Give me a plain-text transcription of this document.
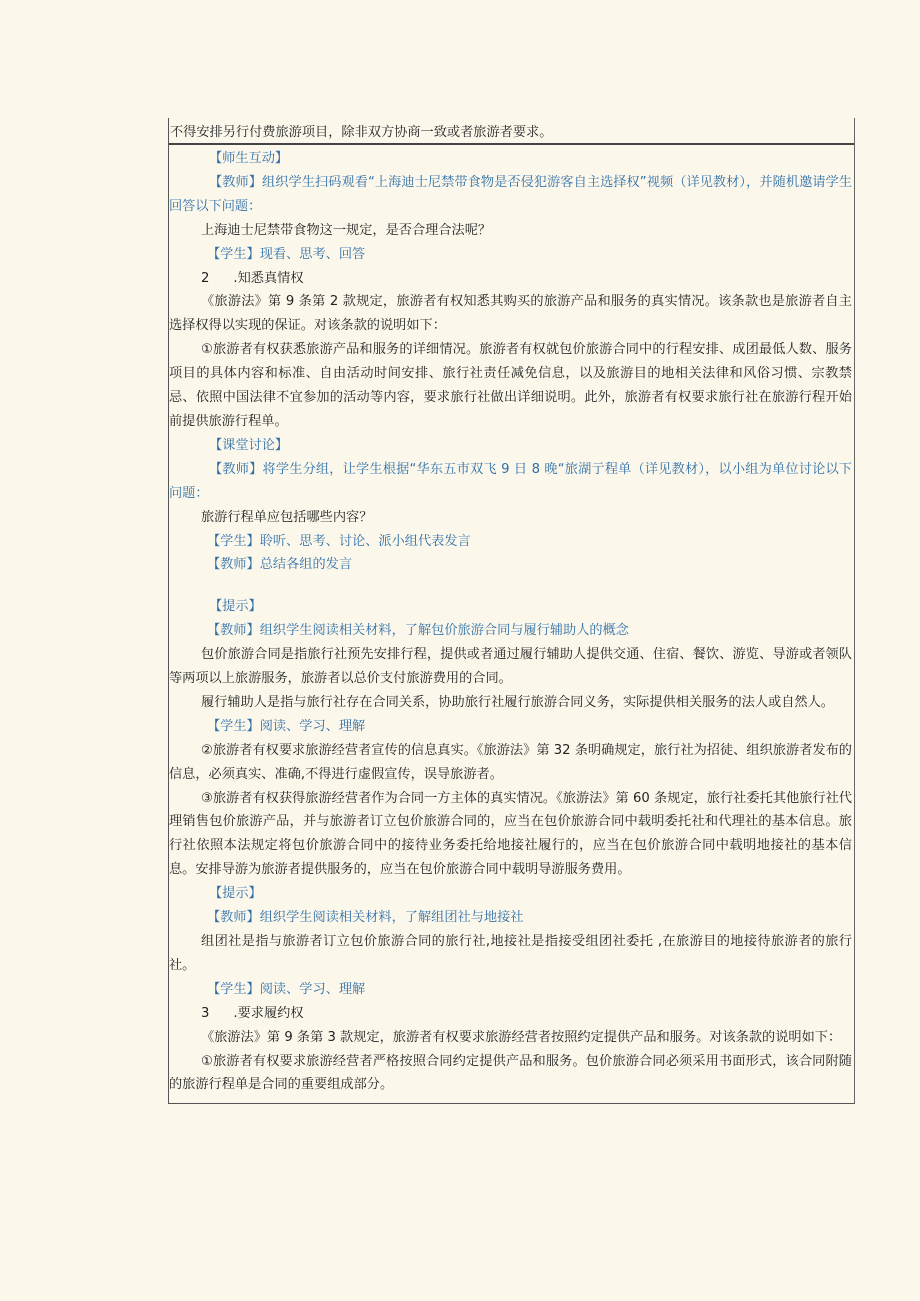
不得安排另行付费旅游项目，除非双方协商一致或者旅游者要求。

【师生互动】

【教师】组织学生扫码观看“上海迪士尼禁带食物是否侵犯游客自主选择权”视频（详见教材），并随机邀请学生回答以下问题：

上海迪士尼禁带食物这一规定，是否合理合法呢？

【学生】现看、思考、回答

2 .知悉真情权

《旅游法》第 9 条第 2 款规定，旅游者有权知悉其购买的旅游产品和服务的真实情况。该条款也是旅游者自主选择权得以实现的保证。对该条款的说明如下：

①旅游者有权获悉旅游产品和服务的详细情况。旅游者有权就包价旅游合同中的行程安排、成团最低人数、服务项目的具体内容和标准、自由活动时间安排、旅行社责任减免信息，以及旅游目的地相关法律和风俗习惯、宗教禁忌、依照中国法律不宜参加的活动等内容，要求旅行社做出详细说明。此外，旅游者有权要求旅行社在旅游行程开始前提供旅游行程单。

【课堂讨论】

【教师】将学生分组，让学生根据“华东五市双飞 9 日 8 晚“旅湖亍程单（详见教材），以小组为单位讨论以下问题：

旅游行程单应包括哪些内容？

【学生】聆听、思考、讨论、派小组代表发言

【教师】总结各组的发言

【提示】

【教师】组织学生阅读相关材料，了解包价旅游合同与履行辅助人的概念

包价旅游合同是指旅行社预先安排行程，提供或者通过履行辅助人提供交通、住宿、餐饮、游览、导游或者领队等两项以上旅游服务，旅游者以总价支付旅游费用的合同。

履行辅助人是指与旅行社存在合同关系，协助旅行社履行旅游合同义务，实际提供相关服务的法人或自然人。

【学生】阅读、学习、理解

②旅游者有权要求旅游经营者宣传的信息真实。《旅游法》第 32 条明确规定，旅行社为招徒、组织旅游者发布的信息，必须真实、准确,不得进行虚假宣传，误导旅游者。

③旅游者有权获得旅游经营者作为合同一方主体的真实情况。《旅游法》第 60 条规定，旅行社委托其他旅行社代理销售包价旅游产品，并与旅游者订立包价旅游合同的，应当在包价旅游合同中载明委托社和代理社的基本信息。旅行社依照本法规定将包价旅游合同中的接待业务委托给地接社履行的，应当在包价旅游合同中载明地接社的基本信息。安排导游为旅游者提供服务的，应当在包价旅游合同中载明导游服务费用。

【提示】

【教师】组织学生阅读相关材料，了解组团社与地接社

组团社是指与旅游者订立包价旅游合同的旅行社,地接社是指接受组团社委托 ,在旅游目的地接待旅游者的旅行社。

【学生】阅读、学习、理解

3 .要求履约权

《旅游法》第 9 条第 3 款规定，旅游者有权要求旅游经营者按照约定提供产品和服务。对该条款的说明如下：

①旅游者有权要求旅游经营者严格按照合同约定提供产品和服务。包价旅游合同必须采用书面形式，该合同附随的旅游行程单是合同的重要组成部分。
